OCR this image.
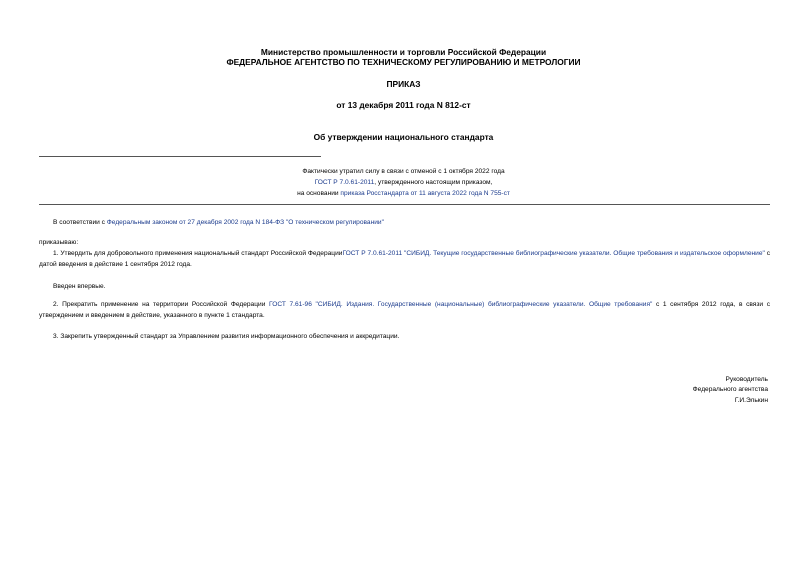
Министерство промышленности и торговли Российской Федерации
ФЕДЕРАЛЬНОЕ АГЕНТСТВО ПО ТЕХНИЧЕСКОМУ РЕГУЛИРОВАНИЮ И МЕТРОЛОГИИ
ПРИКАЗ
от 13 декабря 2011 года N 812-ст
Об утверждении национального стандарта
Фактически утратил силу в связи с отменой с 1 октября 2022 года
ГОСТ Р 7.0.61-2011, утвержденного настоящим приказом,
на основании приказа Росстандарта от 11 августа 2022 года N 755-ст
В соответствии с Федеральным законом от 27 декабря 2002 года N 184-ФЗ "О техническом регулировании"
приказываю:
1. Утвердить для добровольного применения национальный стандарт Российской ФедерацииГОСТ Р 7.0.61-2011 "СИБИД. Текущие государственные библиографические указатели. Общие требования и издательское оформление" с датой введения в действие 1 сентября 2012 года.
Введен впервые.
2. Прекратить применение на территории Российской Федерации ГОСТ 7.61-96 "СИБИД. Издания. Государственные (национальные) библиографические указатели. Общие требования" с 1 сентября 2012 года, в связи с утверждением и введением в действие, указанного в пункте 1 стандарта.
3. Закрепить утвержденный стандарт за Управлением развития информационного обеспечения и аккредитации.
Руководитель
Федерального агентства
Г.И.Элькин
